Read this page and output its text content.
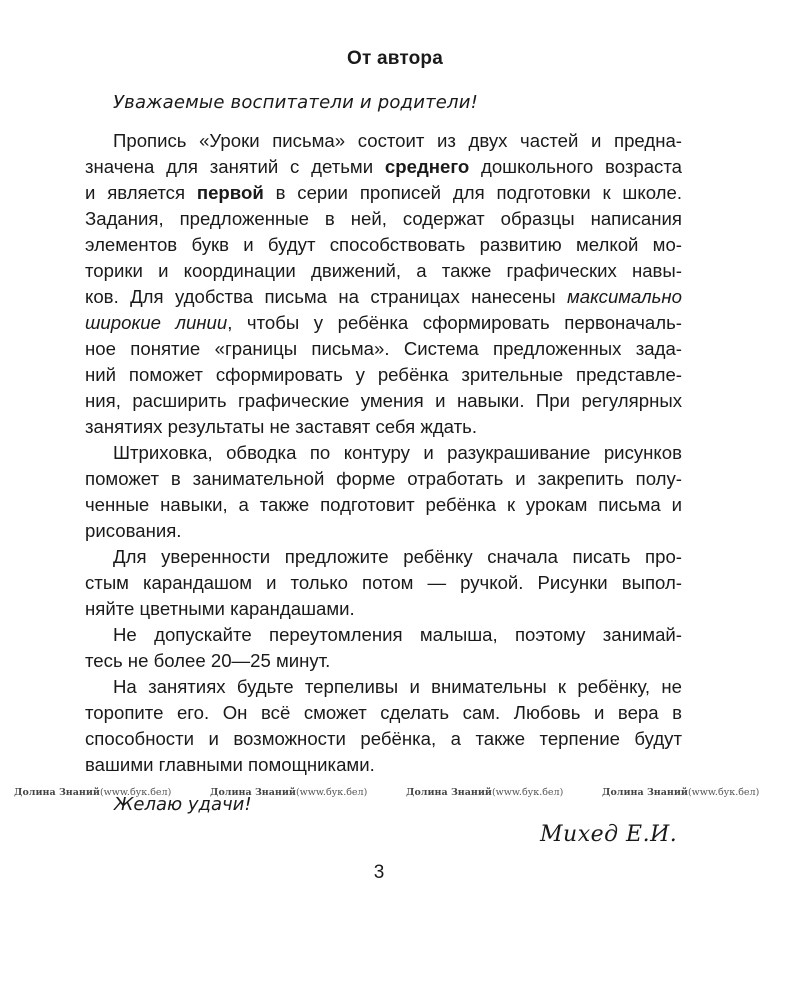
От автора
Уважаемые воспитатели и родители!
Пропись «Уроки письма» состоит из двух частей и предна-
значена для занятий с детьми среднего дошкольного возраста
и является первой в серии прописей для подготовки к школе.
Задания, предложенные в ней, содержат образцы написания
элементов букв и будут способствовать развитию мелкой мо-
торики и координации движений, а также графических навы-
ков. Для удобства письма на страницах нанесены максимально
широкие линии, чтобы у ребёнка сформировать первоначаль-
ное понятие «границы письма». Система предложенных зада-
ний поможет сформировать у ребёнка зрительные представле-
ния, расширить графические умения и навыки. При регулярных
занятиях результаты не заставят себя ждать.
Штриховка, обводка по контуру и разукрашивание рисунков
поможет в занимательной форме отработать и закрепить полу-
ченные навыки, а также подготовит ребёнка к урокам письма и
рисования.
Для уверенности предложите ребёнку сначала писать про-
стым карандашом и только потом — ручкой. Рисунки выпол-
няйте цветными карандашами.
Не допускайте переутомления малыша, поэтому занимай-
тесь не более 20—25 минут.
На занятиях будьте терпеливы и внимательны к ребёнку, не
торопите его. Он всё сможет сделать сам. Любовь и вера в
способности и возможности ребёнка, а также терпение будут
вашими главными помощниками.
Долина Знаний(www.бук.бел)	Долина Знаний(www.бук.бел)	Долина Знаний(www.бук.бел)	Долина Знаний(www.бук.бел)
Желаю удачи!
Михед Е.И.
3
